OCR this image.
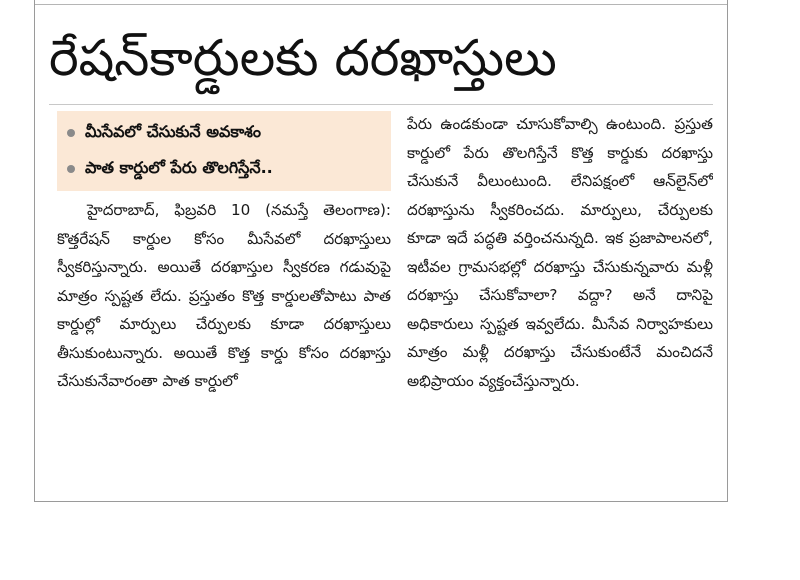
రేషన్‌కార్డులకు దరఖాస్తులు
మీసేవలో చేసుకునే అవకాశం
పాత కార్డులో పేరు తొలగిస్తేనే..

హైదరాబాద్, ఫిబ్రవరి 10 (నమస్తే తెలంగాణ): కొత్తరేషన్ కార్డుల కోసం మీసేవలో దరఖాస్తులు స్వీకరిస్తున్నారు. అయితే దరఖాస్తుల స్వీకరణ గడువుపై మాత్రం స్పష్టత లేదు. ప్రస్తుతం కొత్త కార్డులతోపాటు పాత కార్డుల్లో మార్పులు చేర్పులకు కూడా దరఖాస్తులు తీసుకుంటున్నారు. అయితే కొత్త కార్డు కోసం దరఖాస్తు చేసుకునేవారంతా పాత కార్డులో

పేరు ఉండకుండా చూసుకోవాల్సి ఉంటుంది. ప్రస్తుత కార్డులో పేరు తొలగిస్తేనే కొత్త కార్డుకు దరఖాస్తు చేసుకునే వీలుంటుంది. లేనిపక్షంలో ఆన్‌లైన్‌లో దరఖాస్తును స్వీకరించదు. మార్పులు, చేర్పులకు కూడా ఇదే పద్ధతి వర్తించనున్నది. ఇక ప్రజాపాలనలో, ఇటీవల గ్రామసభల్లో దరఖాస్తు చేసుకున్నవారు మళ్లీ దరఖాస్తు చేసుకోవాలా? వద్దా? అనే దానిపై అధికారులు స్పష్టత ఇవ్వలేదు. మీసేవ నిర్వాహకులు మాత్రం మళ్లీ దరఖాస్తు చేసుకుంటేనే మంచిదనే అభిప్రాయం వ్యక్తంచేస్తున్నారు.
